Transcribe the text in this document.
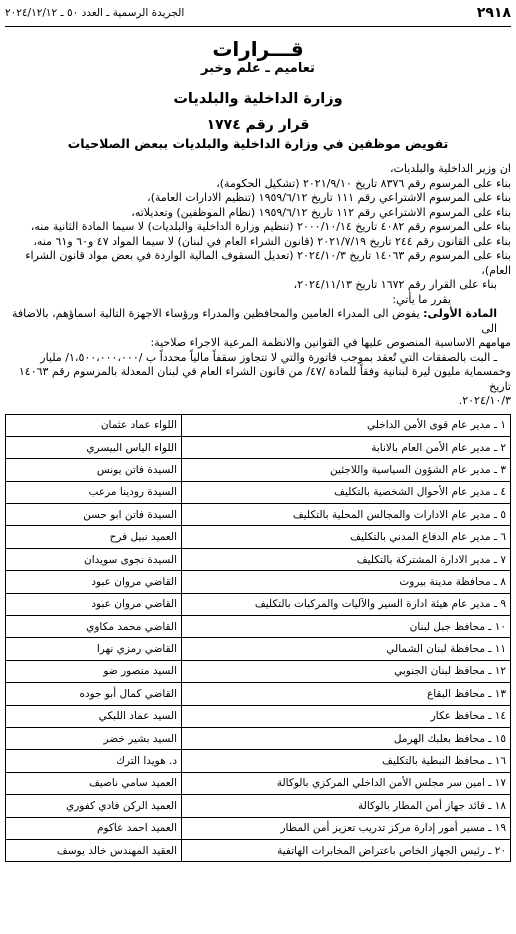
٢٩١٨
الجريدة الرسمية ـ العدد ٥٠ ـ ٢٠٢٤/١٢/١٢
قـــرارات
تعاميم ـ علم وخبر
وزارة الداخلية والبلديات
قرار رقم ١٧٧٤
تفويض موظفين في وزارة الداخلية والبلديات ببعض الصلاحيات

ان وزير الداخلية والبلديات،

بناء على المرسوم رقم ٨٣٧٦ تاريخ ٢٠٢١/٩/١٠ (تشكيل الحكومة)،

بناء على المرسوم الاشتراعي رقم ١١١ تاريخ ١٩٥٩/٦/١٢ (تنظيم الادارات العامة)،

بناء على المرسوم الاشتراعي رقم ١١٢ تاريخ ١٩٥٩/٦/١٢ (نظام الموظفين) وتعديلاته،

بناء على المرسوم رقم ٤٠٨٢ تاريخ ٢٠٠٠/١٠/١٤ (تنظيم وزارة الداخلية والبلديات) لا سيما المادة الثانية منه،

بناء على القانون رقم ٢٤٤ تاريخ ٢٠٢١/٧/١٩ (قانون الشراء العام في لبنان) لا سيما المواد ٤٧ و٦٠ و٦١ منه،

بناء على المرسوم رقم ١٤٠٦٣ تاريخ ٢٠٢٤/١٠/٣ (تعديل السقوف المالية الواردة في بعض مواد قانون الشراء

العام)،

بناء على القرار رقم ١٦٧٢ تاريخ ٢٠٢٤/١١/١٣،

يقرر ما يأتي:

المادة الأولى: يفوض الى المدراء العامين والمحافظين والمدراء ورؤساء الاجهزة التالية اسماؤهم، بالاضافة الى

مهامهم الاساسية المنصوص عليها في القوانين والانظمة المرعية الاجراء صلاحية:

ـ البت بالصفقات التي تُعقد بموجب فاتورة والتي لا تتجاوز سقفاً مالياً محدداً ب /١،٥٠٠،٠٠٠،٠٠٠/ مليار

وخمسماية مليون ليرة لبنانية وفقاً للمادة /٤٧/ من قانون الشراء العام في لبنان المعدلة بالمرسوم رقم ١٤٠٦٣ تاريخ

٢٠٢٤/١٠/٣.

١ ـ مدير عام قوى الأمن الداخلي	اللواء عماد عثمان
٢ ـ مدير عام الأمن العام بالانابة	اللواء الياس البيسري
٣ ـ مدير عام الشؤون السياسية واللاجئين	السيدة فاتن يونس
٤ ـ مدير عام الأحوال الشخصية بالتكليف	السيدة رودينا مرعب
٥ ـ مدير عام الادارات والمجالس المحلية بالتكليف	السيدة فاتن ابو حسن
٦ ـ مدير عام الدفاع المدني بالتكليف	العميد نبيل فرح
٧ ـ مدير الادارة المشتركة بالتكليف	السيدة نجوى سويدان
٨ ـ محافظة مدينة بيروت	القاضي مروان عبود
٩ ـ مدير عام هيئة ادارة السير والآليات والمركبات بالتكليف	القاضي مروان عبود
١٠ ـ محافظ جبل لبنان	القاضي محمد مكاوي
١١ ـ محافظة لبنان الشمالي	القاضي رمزي نهرا
١٢ ـ محافظ لبنان الجنوبي	السيد منصور ضو
١٣ ـ محافظ البقاع	القاضي كمال أبو جوده
١٤ ـ محافظ عكار	السيد عماد اللبكي
١٥ ـ محافظ بعلبك الهرمل	السيد بشير خضر
١٦ ـ محافظ النبطية بالتكليف	د. هويدا الترك
١٧ ـ امين سر مجلس الأمن الداخلي المركزي بالوكالة	العميد سامي ناصيف
١٨ ـ قائد جهاز أمن المطار بالوكالة	العميد الركن فادي كفوري
١٩ ـ مسير أمور إدارة مركز تدريب تعزيز أمن المطار	العميد احمد عاكوم
٢٠ ـ رئيس الجهاز الخاص باعتراض المخابرات الهاتفية	العقيد المهندس خالد يوسف
